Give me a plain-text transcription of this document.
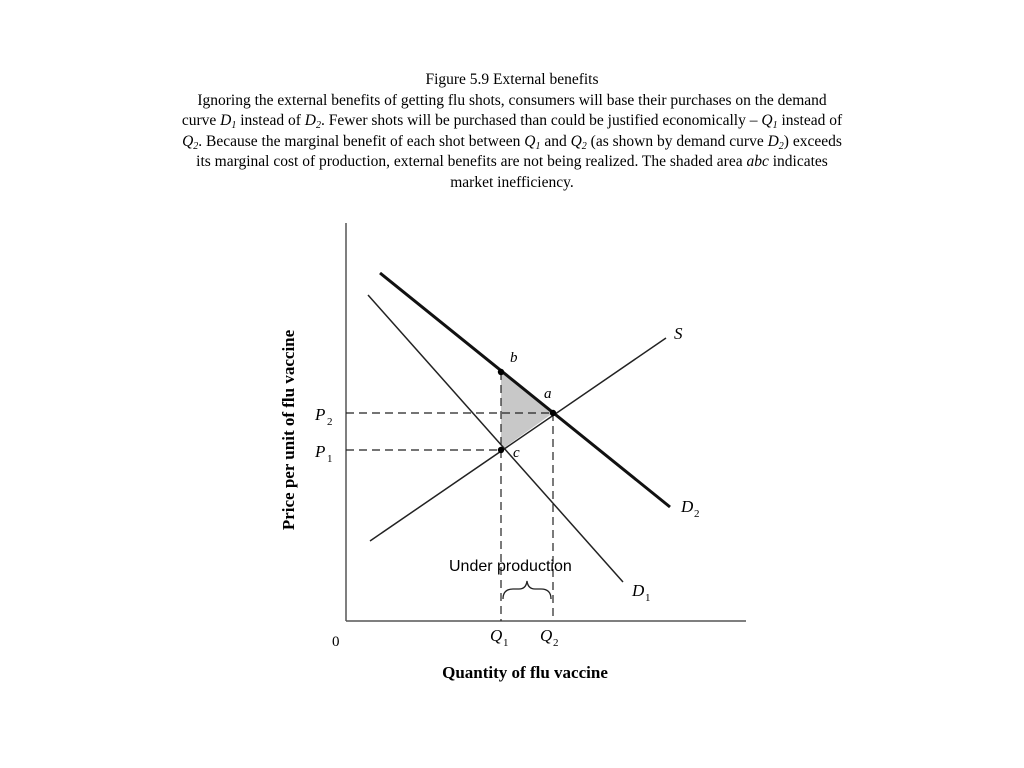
Figure 5.9 External benefits

Ignoring the external benefits of getting flu shots, consumers will base their purchases on the demand curve $D_1$ instead of $D_2$. Fewer shots will be purchased than could be justified economically – $Q_1$ instead of $Q_2$. Because the marginal benefit of each shot between $Q_1$ and $Q_2$ (as shown by demand curve $D_2$) exceeds its marginal cost of production, external benefits are not being realized. The shaded area abc indicates market inefficiency.

b
a
c
S
D 2
D 1
P 2
P 1
Q 1 Q 2
0
Under production
Quantity of flu vaccine
Price per unit of flu vaccine
